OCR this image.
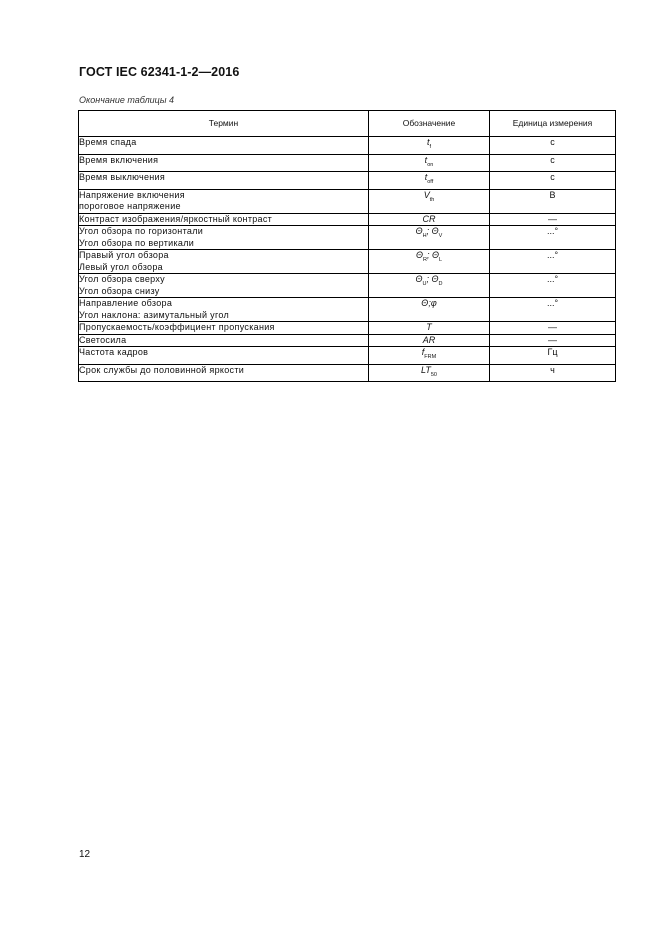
ГОСТ IEC 62341-1-2—2016
Окончание таблицы 4
Термин	Обозначение	Единица измерения

Время спада	$t_f$	с

Время включения	$t_{on}$	с

Время выключения	$t_{off}$	с

Напряжение включения
пороговое напряжение	$V_{th}$	В

Контраст изображения/яркостный контраст	CR	—

Угол обзора по горизонтали
Угол обзора по вертикали	$\Theta_H$; $\Theta_V$	...°

Правый угол обзора
Левый угол обзора	$\Theta_R$; $\Theta_L$	...°

Угол обзора сверху
Угол обзора снизу	$\Theta_U$; $\Theta_D$	...°

Направление обзора
Угол наклона: азимутальный угол	Θ;φ	...°

Пропускаемость/коэффициент пропускания	T	—

Светосила	AR	—

Частота кадров	$f_{FRM}$	Гц

Срок службы до половинной яркости	$LT_{50}$	ч
12
